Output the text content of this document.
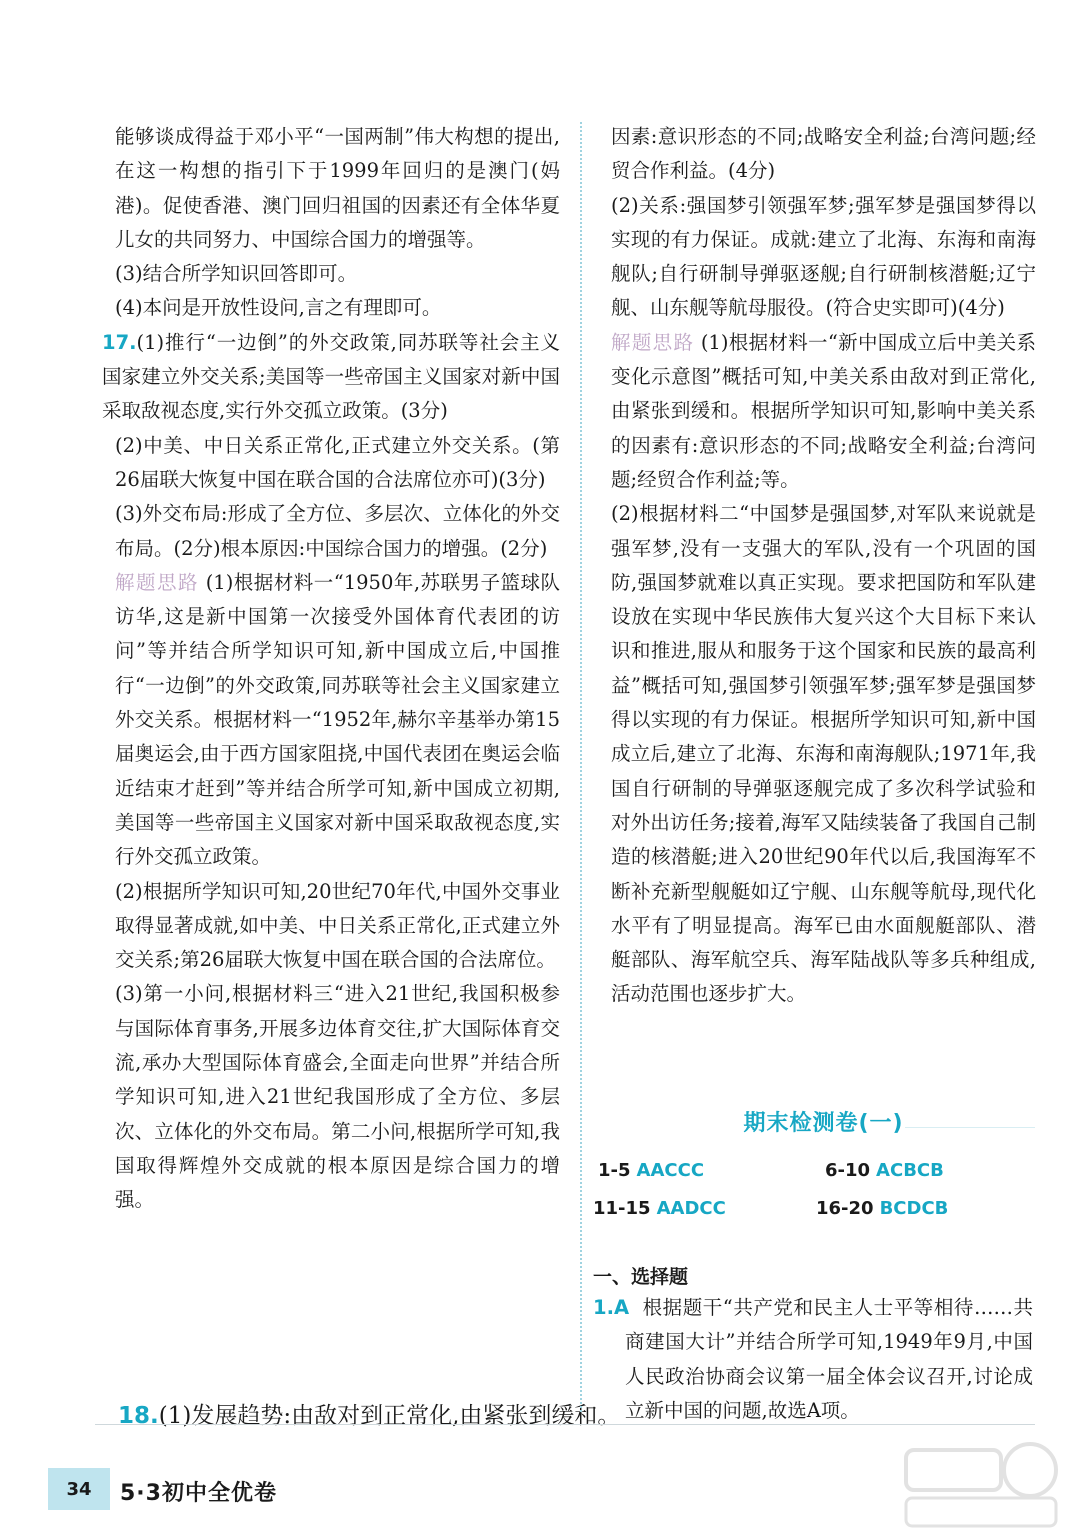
能够谈成得益于邓小平“一国两制”伟大构想的提出,在这一构想的指引下于1999年回归的是澳门(妈港)。促使香港、澳门回归祖国的因素还有全体华夏儿女的共同努力、中国综合国力的增强等。

(3)结合所学知识回答即可。

(4)本问是开放性设问,言之有理即可。

17.(1)推行“一边倒”的外交政策,同苏联等社会主义国家建立外交关系;美国等一些帝国主义国家对新中国采取敌视态度,实行外交孤立政策。(3分)

(2)中美、中日关系正常化,正式建立外交关系。(第26届联大恢复中国在联合国的合法席位亦可)(3分)

(3)外交布局:形成了全方位、多层次、立体化的外交布局。(2分)根本原因:中国综合国力的增强。(2分)

解题思路 (1)根据材料一“1950年,苏联男子篮球队访华,这是新中国第一次接受外国体育代表团的访问”等并结合所学知识可知,新中国成立后,中国推行“一边倒”的外交政策,同苏联等社会主义国家建立外交关系。根据材料一“1952年,赫尔辛基举办第15届奥运会,由于西方国家阻挠,中国代表团在奥运会临近结束才赶到”等并结合所学可知,新中国成立初期,美国等一些帝国主义国家对新中国采取敌视态度,实行外交孤立政策。

(2)根据所学知识可知,20世纪70年代,中国外交事业取得显著成就,如中美、中日关系正常化,正式建立外交关系;第26届联大恢复中国在联合国的合法席位。

(3)第一小问,根据材料三“进入21世纪,我国积极参与国际体育事务,开展多边体育交往,扩大国际体育交流,承办大型国际体育盛会,全面走向世界”并结合所学知识可知,进入21世纪我国形成了全方位、多层次、立体化的外交布局。第二小问,根据所学可知,我国取得辉煌外交成就的根本原因是综合国力的增强。

18.(1)发展趋势:由敌对到正常化,由紧张到缓和。

因素:意识形态的不同;战略安全利益;台湾问题;经贸合作利益。(4分)

(2)关系:强国梦引领强军梦;强军梦是强国梦得以实现的有力保证。成就:建立了北海、东海和南海舰队;自行研制导弹驱逐舰;自行研制核潜艇;辽宁舰、山东舰等航母服役。(符合史实即可)(4分)

解题思路 (1)根据材料一“新中国成立后中美关系变化示意图”概括可知,中美关系由敌对到正常化,由紧张到缓和。根据所学知识可知,影响中美关系的因素有:意识形态的不同;战略安全利益;台湾问题;经贸合作利益;等。

(2)根据材料二“中国梦是强国梦,对军队来说就是强军梦,没有一支强大的军队,没有一个巩固的国防,强国梦就难以真正实现。要求把国防和军队建设放在实现中华民族伟大复兴这个大目标下来认识和推进,服从和服务于这个国家和民族的最高利益”概括可知,强国梦引领强军梦;强军梦是强国梦得以实现的有力保证。根据所学知识可知,新中国成立后,建立了北海、东海和南海舰队;1971年,我国自行研制的导弹驱逐舰完成了多次科学试验和对外出访任务;接着,海军又陆续装备了我国自己制造的核潜艇;进入20世纪90年代以后,我国海军不断补充新型舰艇如辽宁舰、山东舰等航母,现代化水平有了明显提高。海军已由水面舰艇部队、潜艇部队、海军航空兵、海军陆战队等多兵种组成,活动范围也逐步扩大。

期末检测卷(一)
1-5 AACCC	6-10 ACBCB
11-15 AADCC	16-20 BCDCB

一、选择题

1.A 根据题干“共产党和民主人士平等相待……共商建国大计”并结合所学可知,1949年9月,中国人民政治协商会议第一届全体会议召开,讨论成立新中国的问题,故选A项。

34	5·3初中全优卷
